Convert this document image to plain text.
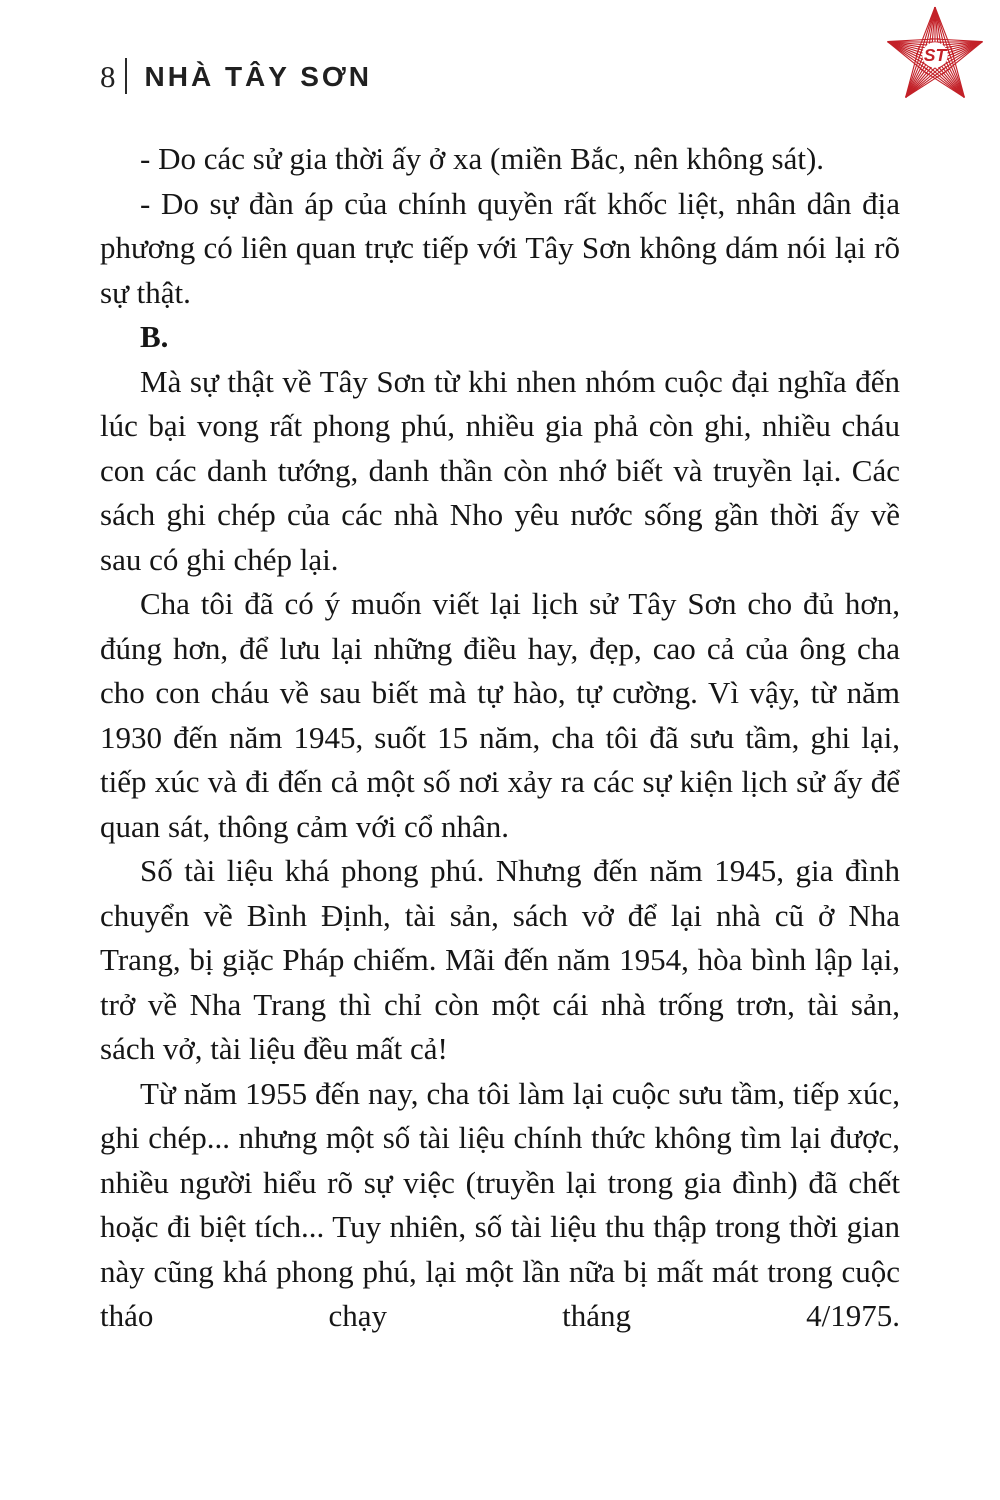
8 NHÀ TÂY SƠN
ST

- Do các sử gia thời ấy ở xa (miền Bắc, nên không sát).

- Do sự đàn áp của chính quyền rất khốc liệt, nhân dân địa phương có liên quan trực tiếp với Tây Sơn không dám nói lại rõ sự thật.

B.

Mà sự thật về Tây Sơn từ khi nhen nhóm cuộc đại nghĩa đến lúc bại vong rất phong phú, nhiều gia phả còn ghi, nhiều cháu con các danh tướng, danh thần còn nhớ biết và truyền lại. Các sách ghi chép của các nhà Nho yêu nước sống gần thời ấy về sau có ghi chép lại.

Cha tôi đã có ý muốn viết lại lịch sử Tây Sơn cho đủ hơn, đúng hơn, để lưu lại những điều hay, đẹp, cao cả của ông cha cho con cháu về sau biết mà tự hào, tự cường. Vì vậy, từ năm 1930 đến năm 1945, suốt 15 năm, cha tôi đã sưu tầm, ghi lại, tiếp xúc và đi đến cả một số nơi xảy ra các sự kiện lịch sử ấy để quan sát, thông cảm với cổ nhân.

Số tài liệu khá phong phú. Nhưng đến năm 1945, gia đình chuyển về Bình Định, tài sản, sách vở để lại nhà cũ ở Nha Trang, bị giặc Pháp chiếm. Mãi đến năm 1954, hòa bình lập lại, trở về Nha Trang thì chỉ còn một cái nhà trống trơn, tài sản, sách vở, tài liệu đều mất cả!

Từ năm 1955 đến nay, cha tôi làm lại cuộc sưu tầm, tiếp xúc, ghi chép... nhưng một số tài liệu chính thức không tìm lại được, nhiều người hiểu rõ sự việc (truyền lại trong gia đình) đã chết hoặc đi biệt tích... Tuy nhiên, số tài liệu thu thập trong thời gian này cũng khá phong phú, lại một lần nữa bị mất mát trong cuộc tháo chạy tháng 4/1975.
